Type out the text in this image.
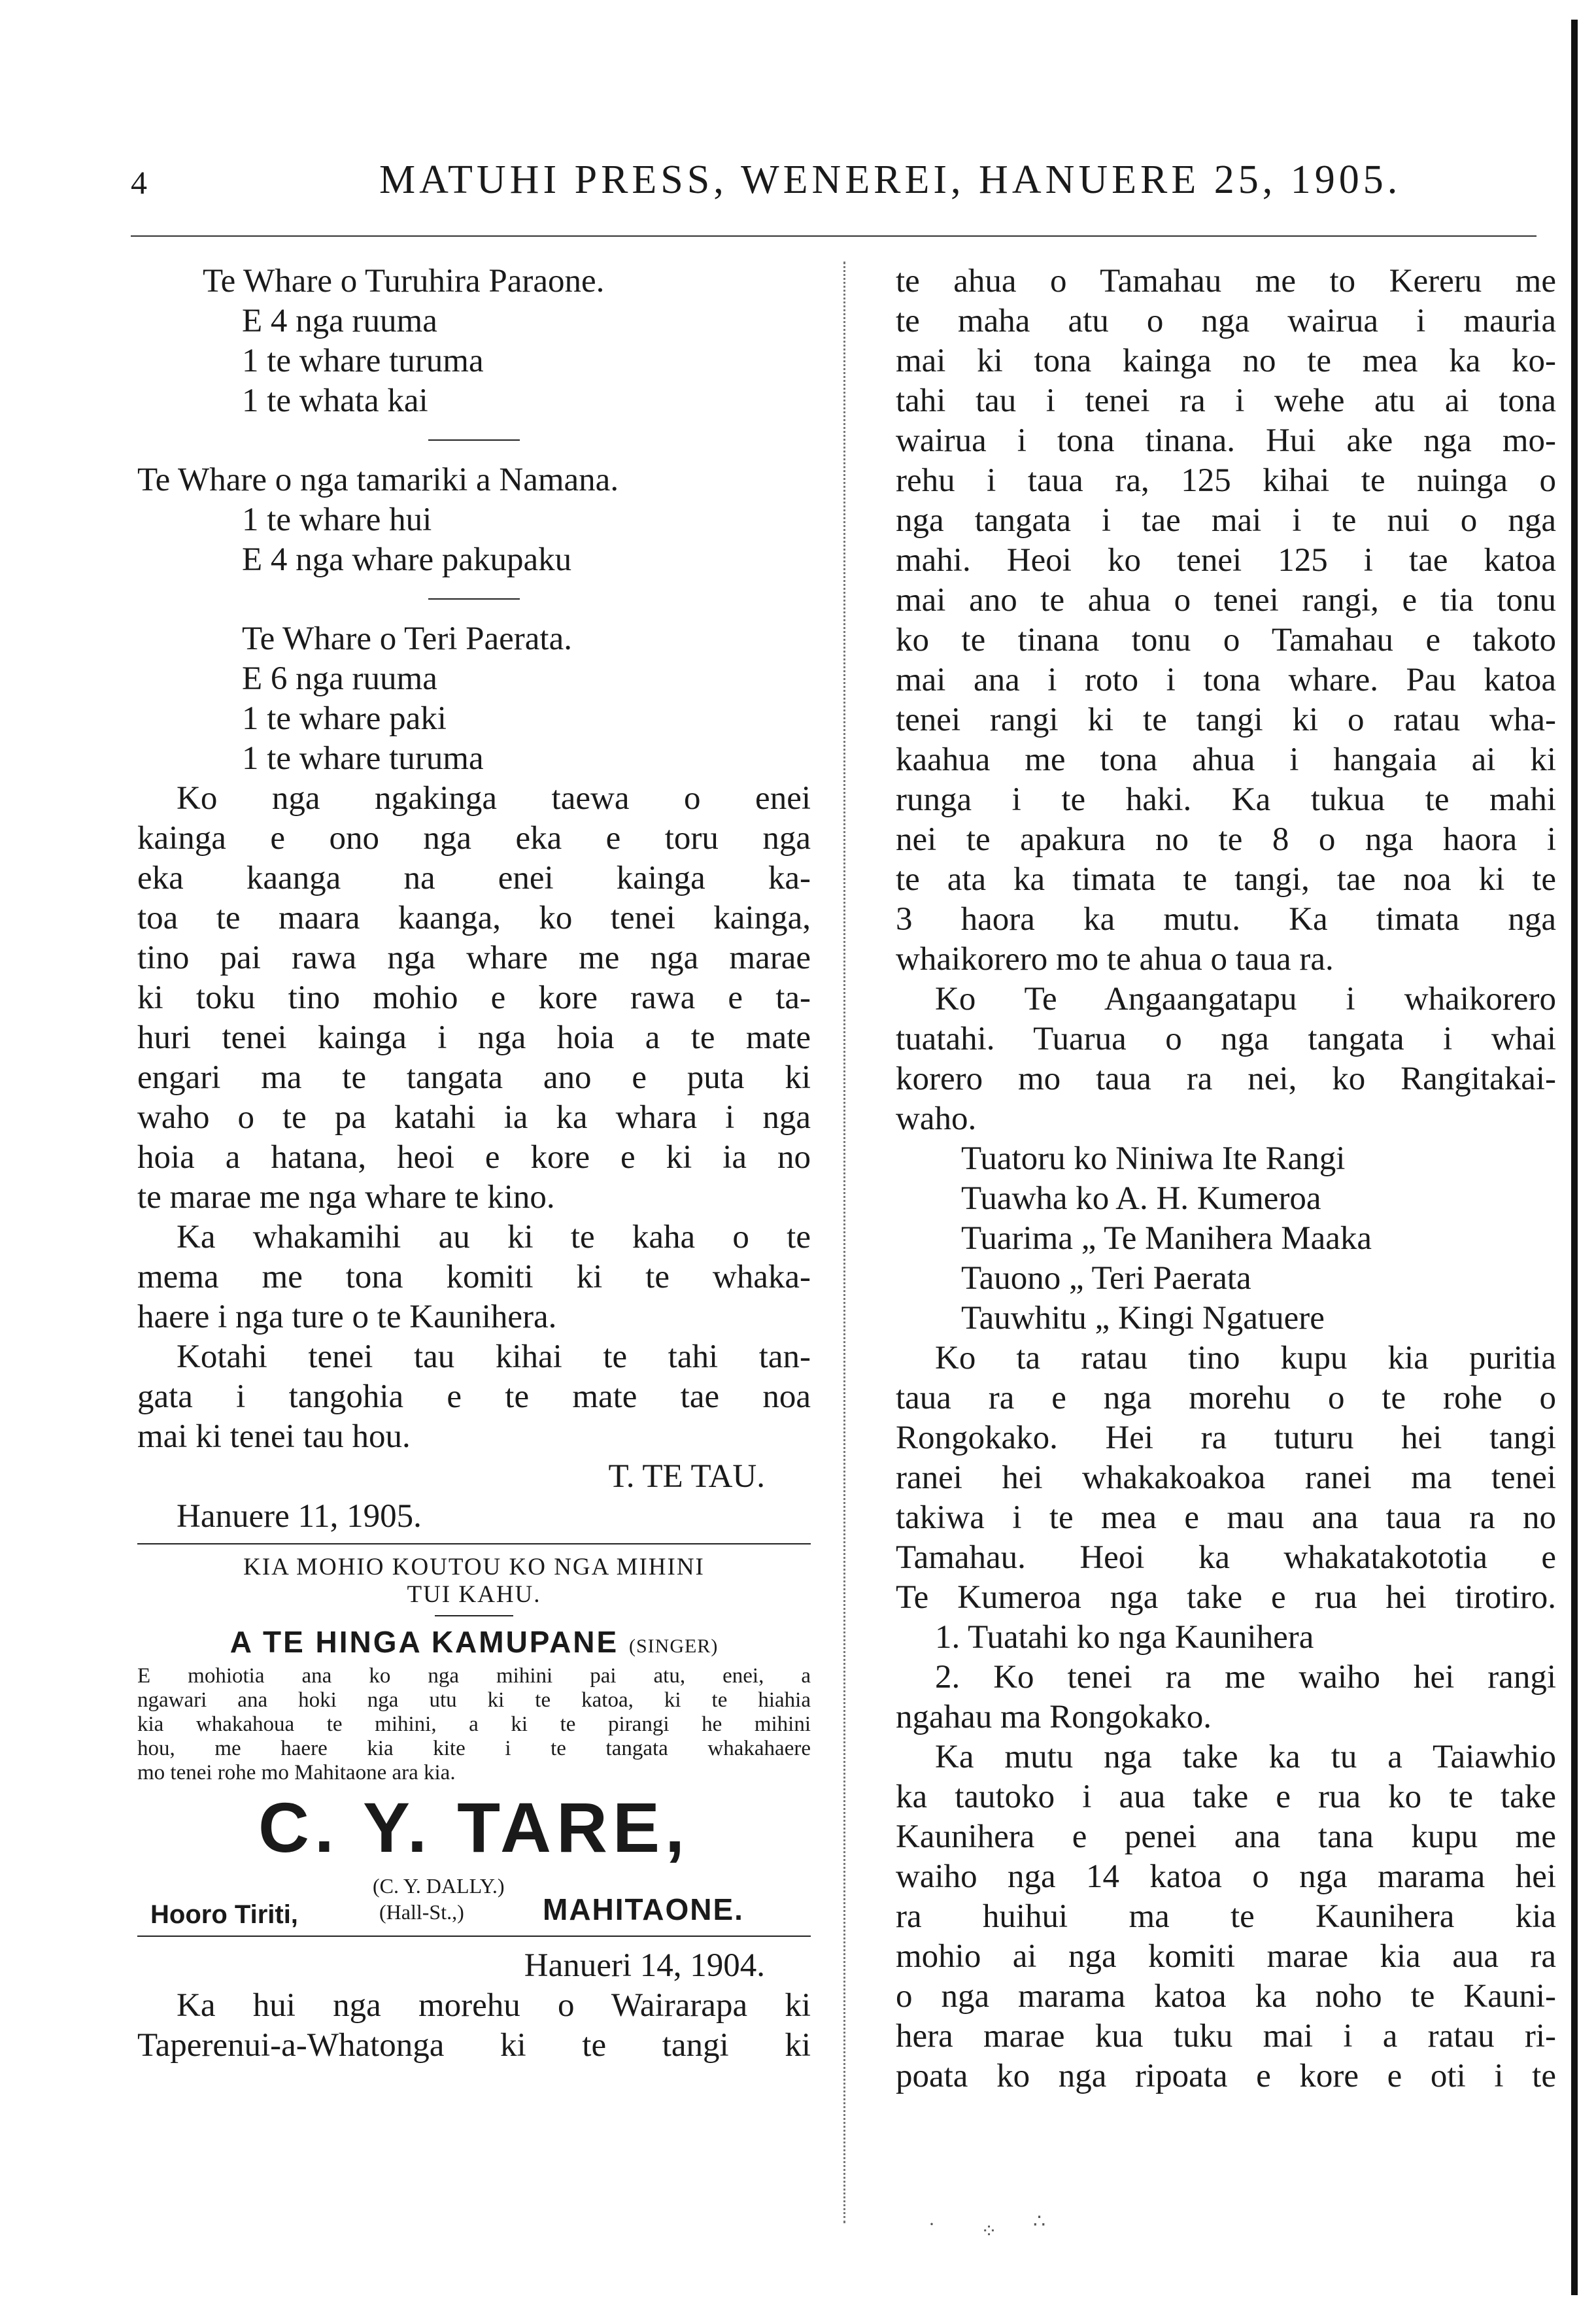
4	MATUHI PRESS, WENEREI, HANUERE 25, 1905.
Te Whare o Turuhira Paraone.
E 4 nga ruuma
1 te whare turuma
1 te whata kai
Te Whare o nga tamariki a Namana.
1 te whare hui
E 4 nga whare pakupaku
Te Whare o Teri Paerata.
E 6 nga ruuma
1 te whare paki
1 te whare turuma
Ko nga ngakinga taewa o enei
kainga e ono nga eka e toru nga
eka kaanga na enei kainga ka-
toa te maara kaanga, ko tenei kainga,
tino pai rawa nga whare me nga marae
ki toku tino mohio e kore rawa e ta-
huri tenei kainga i nga hoia a te mate
engari ma te tangata ano e puta ki
waho o te pa katahi ia ka whara i nga
hoia a hatana, heoi e kore e ki ia no
te marae me nga whare te kino.
Ka whakamihi au ki te kaha o te
mema me tona komiti ki te whaka-
haere i nga ture o te Kaunihera.
Kotahi tenei tau kihai te tahi tan-
gata i tangohia e te mate tae noa
mai ki tenei tau hou.
T. TE TAU.
Hanuere 11, 1905.
KIA MOHIO KOUTOU KO NGA MIHINI
TUI KAHU.
A TE HINGA KAMUPANE (SINGER)
E mohiotia ana ko nga mihini pai atu, enei, a
ngawari ana hoki nga utu ki te katoa, ki te hiahia
kia whakahoua te mihini, a ki te pirangi he mihini
hou, me haere kia kite i te tangata whakahaere
mo tenei rohe mo Mahitaone ara kia.
C. Y. TARE,
(C. Y. DALLY.)
Hooro Tiriti,	(Hall-St.,)	MAHITAONE.
Hanueri 14, 1904.
Ka hui nga morehu o Wairarapa ki
Taperenui-a-Whatonga ki te tangi ki
te ahua o Tamahau me to Kereru me
te maha atu o nga wairua i mauria
mai ki tona kainga no te mea ka ko-
tahi tau i tenei ra i wehe atu ai tona
wairua i tona tinana. Hui ake nga mo-
rehu i taua ra, 125 kihai te nuinga o
nga tangata i tae mai i te nui o nga
mahi. Heoi ko tenei 125 i tae katoa
mai ano te ahua o tenei rangi, e tia tonu
ko te tinana tonu o Tamahau e takoto
mai ana i roto i tona whare. Pau katoa
tenei rangi ki te tangi ki o ratau wha-
kaahua me tona ahua i hangaia ai ki
runga i te haki. Ka tukua te mahi
nei te apakura no te 8 o nga haora i
te ata ka timata te tangi, tae noa ki te
3 haora ka mutu. Ka timata nga
whaikorero mo te ahua o taua ra.
Ko Te Angaangatapu i whaikorero
tuatahi. Tuarua o nga tangata i whai
korero mo taua ra nei, ko Rangitakai-
waho.
Tuatoru ko Niniwa Ite Rangi
Tuawha ko A. H. Kumeroa
Tuarima „ Te Manihera Maaka
Tauono „ Teri Paerata
Tauwhitu „ Kingi Ngatuere
Ko ta ratau tino kupu kia puritia
taua ra e nga morehu o te rohe o
Rongokako. Hei ra tuturu hei tangi
ranei hei whakakoakoa ranei ma tenei
takiwa i te mea e mau ana taua ra no
Tamahau. Heoi ka whakatakototia e
Te Kumeroa nga take e rua hei tirotiro.
1. Tuatahi ko nga Kaunihera
2. Ko tenei ra me waiho hei rangi
ngahau ma Rongokako.
Ka mutu nga take ka tu a Taiawhio
ka tautoko i aua take e rua ko te take
Kaunihera e penei ana tana kupu me
waiho nga 14 katoa o nga marama hei
ra huihui ma te Kaunihera kia
mohio ai nga komiti marae kia aua ra
o nga marama katoa ka noho te Kauni-
hera marae kua tuku mai i a ratau ri-
poata ko nga ripoata e kore e oti i te
· ⁘ ∴
